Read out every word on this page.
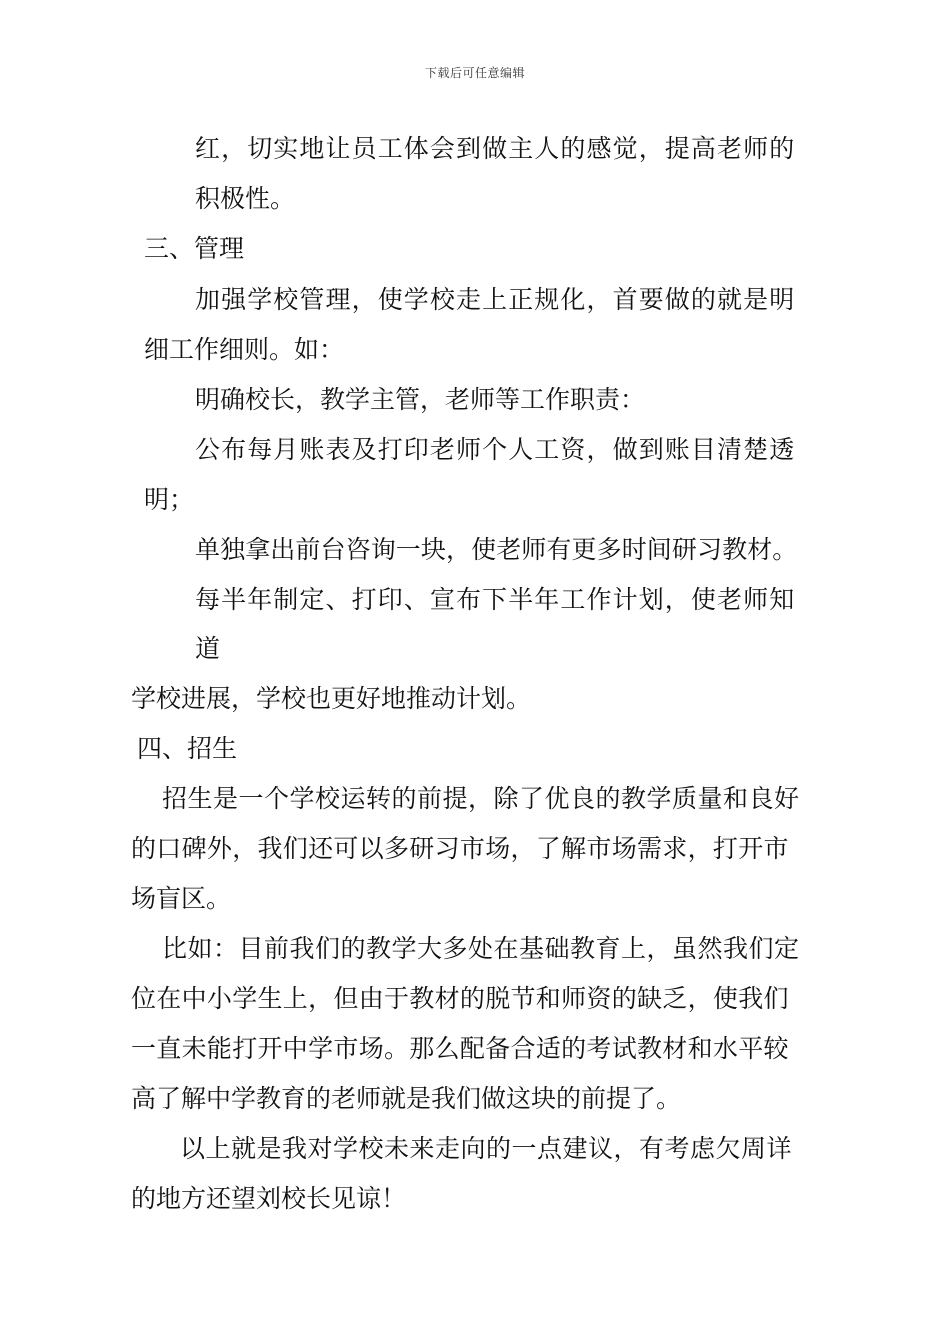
下载后可任意编辑
红，切实地让员工体会到做主人的感觉，提高老师的
积极性。
三、管理
加强学校管理，使学校走上正规化，首要做的就是明
细工作细则。如：
明确校长，教学主管，老师等工作职责：
公布每月账表及打印老师个人工资，做到账目清楚透
明；
单独拿出前台咨询一块，使老师有更多时间研习教材。
每半年制定、打印、宣布下半年工作计划，使老师知
道
学校进展，学校也更好地推动计划。
四、招生
招生是一个学校运转的前提，除了优良的教学质量和良好
的口碑外，我们还可以多研习市场，了解市场需求，打开市
场盲区。
比如：目前我们的教学大多处在基础教育上，虽然我们定
位在中小学生上，但由于教材的脱节和师资的缺乏，使我们
一直未能打开中学市场。那么配备合适的考试教材和水平较
高了解中学教育的老师就是我们做这块的前提了。
以上就是我对学校未来走向的一点建议，有考虑欠周详
的地方还望刘校长见谅！
